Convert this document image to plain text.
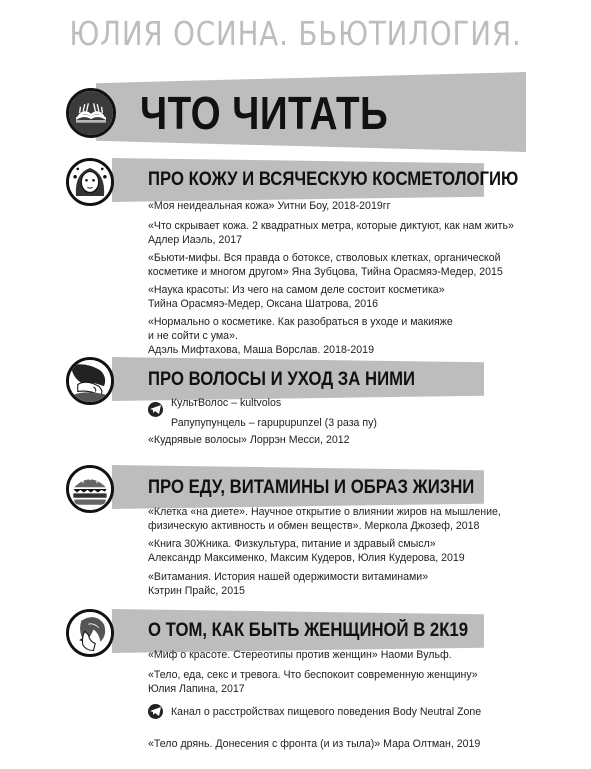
ЮЛИЯ ОСИНА. БЬЮТИЛОГИЯ.
ЧТО ЧИТАТЬ
ПРО КОЖУ И ВСЯЧЕСКУЮ КОСМЕТОЛОГИЮ
«Моя неидеальная кожа» Уитни Боу, 2018-2019гг
«Что скрывает кожа. 2 квадратных метра, которые диктуют, как нам жить»
Адлер Иаэль, 2017
«Бьюти-мифы. Вся правда о ботоксе, стволовых клетках, органической
косметике и многом другом» Яна Зубцова, Тийна Орасмяэ-Медер, 2015
«Наука красоты: Из чего на самом деле состоит косметика»
Тийна Орасмяэ-Медер, Оксана Шатрова, 2016
«Нормально о косметике. Как разобраться в уходе и макияже
и не сойти с ума».
Адэль Мифтахова, Маша Ворслав. 2018-2019
ПРО ВОЛОСЫ И УХОД ЗА НИМИ
КультВолос – kultvolos
Рапупупунцель – rapupupunzel (3 раза пу)
«Кудрявые волосы» Лоррэн Месси, 2012
ПРО ЕДУ, ВИТАМИНЫ И ОБРАЗ ЖИЗНИ
«Клетка «на диете». Научное открытие о влиянии жиров на мышление,
физическую активность и обмен веществ». Меркола Джозеф, 2018
«Книга 30Жника. Физкультура, питание и здравый смысл»
Александр Максименко, Максим Кудеров, Юлия Кудерова, 2019
«Витамания. История нашей одержимости витаминами»
Кэтрин Прайс, 2015
О ТОМ, КАК БЫТЬ ЖЕНЩИНОЙ В 2К19
«Миф о красоте. Стереотипы против женщин» Наоми Вульф.
«Тело, еда, секс и тревога. Что беспокоит современную женщину»
Юлия Лапина, 2017
Канал о расстройствах пищевого поведения Body Neutral Zone
«Тело дрянь. Донесения с фронта (и из тыла)» Мара Олтман, 2019
